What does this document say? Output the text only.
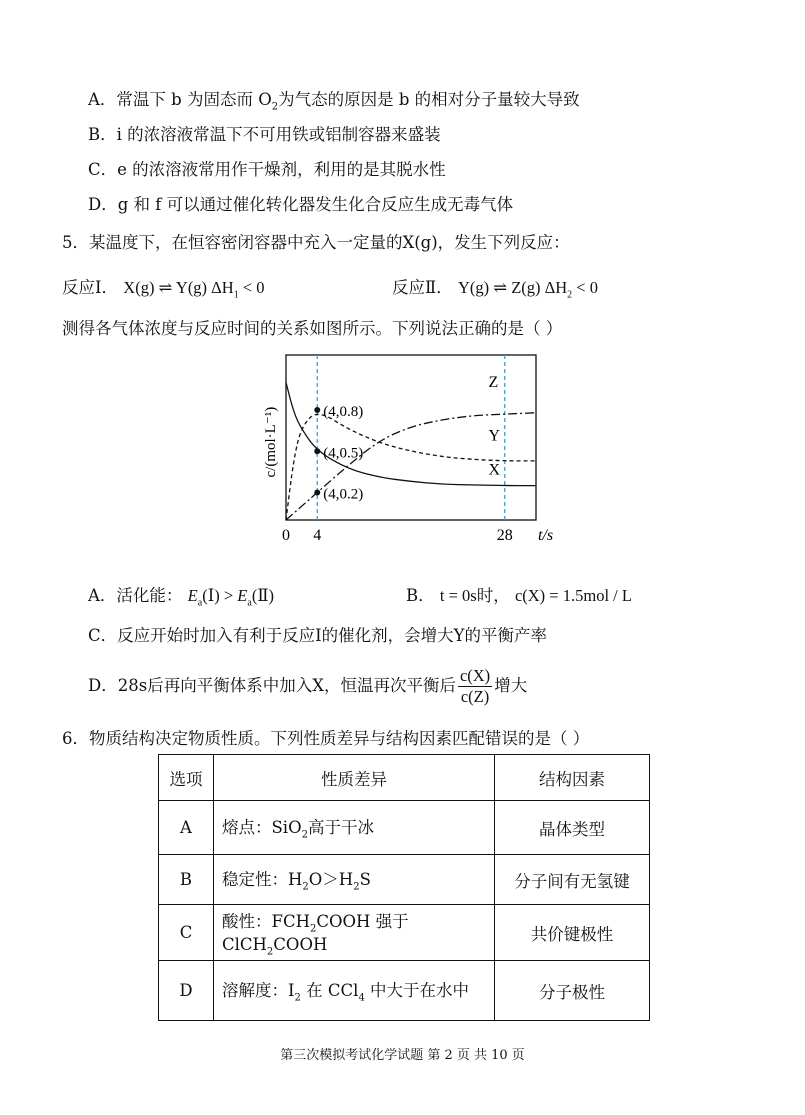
A．常温下 b 为固态而 $O_2$为气态的原因是 b 的相对分子量较大导致
B．i 的浓溶液常温下不可用铁或铝制容器来盛装
C．e 的浓溶液常用作干燥剂，利用的是其脱水性
D．g 和 f 可以通过催化转化器发生化合反应生成无毒气体
5．某温度下，在恒容密闭容器中充入一定量的X(g)，发生下列反应：
反应Ⅰ． X(g) ⇌ Y(g) $\Delta H_1 < 0$	反应Ⅱ． Y(g) ⇌ Z(g) $\Delta H_2 < 0$
测得各气体浓度与反应时间的关系如图所示。下列说法正确的是（ ）
X
Y
Z
(4,0.8)
(4,0.5)
(4,0.2)
0 4	28 t/s
c/(mol·L⁻¹)
A．活化能： $E_a(Ⅰ)$ > $E_a(Ⅱ)$	B． t = 0s时， c(X) = 1.5mol / L
C．反应开始时加入有利于反应Ⅰ的催化剂，会增大Y的平衡产率
D．28s后再向平衡体系中加入X，恒温再次平衡后 $\frac{c(X)}{c(Z)}$ 增大
6．物质结构决定物质性质。下列性质差异与结构因素匹配错误的是（ ）
选项	性质差异	结构因素
A	熔点：SiO$_2$高于干冰	晶体类型
B	稳定性：$H_2O>H_2S$	分子间有无氢键
C	酸性：$FCH_2COOH$ 强于 ClCH$_2$COOH	共价键极性
D	溶解度：$I_2$ 在 CCl$_4$ 中大于在水中	分子极性
第三次模拟考试化学试题 第 2 页 共 10 页
